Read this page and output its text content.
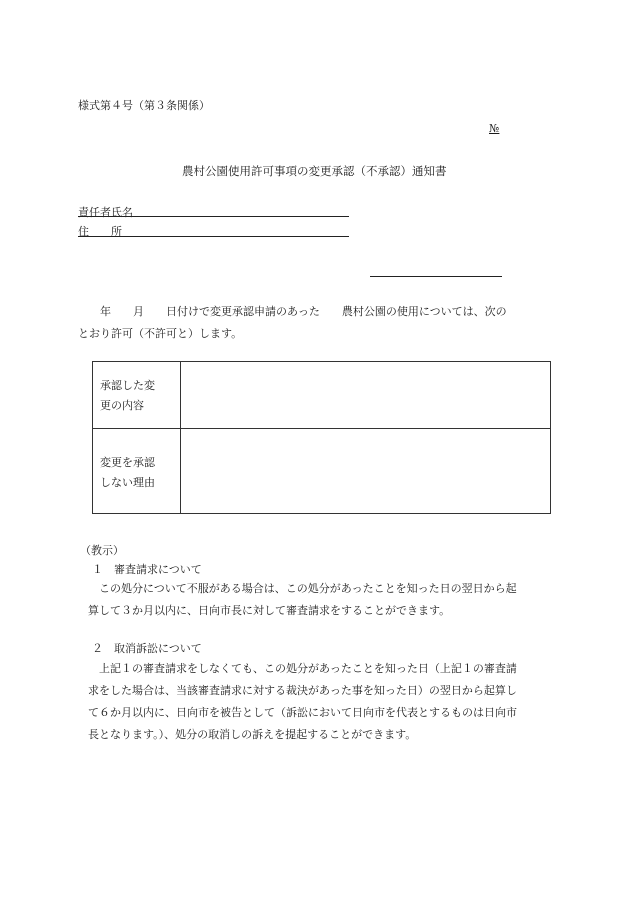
様式第４号（第３条関係）
№
農村公園使用許可事項の変更承認（不承認）通知書
責任者氏名
住　　所
　　年　　月　　日付けで変更承認申請のあった　　農村公園の使用については、次の
とおり許可（不許可と）します。
承認した変
更の内容
変更を承認
しない理由
（教示）
１　審査請求について
　この処分について不服がある場合は、この処分があったことを知った日の翌日から起
算して３か月以内に、日向市長に対して審査請求をすることができます。
２　取消訴訟について
　上記１の審査請求をしなくても、この処分があったことを知った日（上記１の審査請
求をした場合は、当該審査請求に対する裁決があった事を知った日）の翌日から起算し
て６か月以内に、日向市を被告として（訴訟において日向市を代表とするものは日向市
長となります。）、処分の取消しの訴えを提起することができます。
